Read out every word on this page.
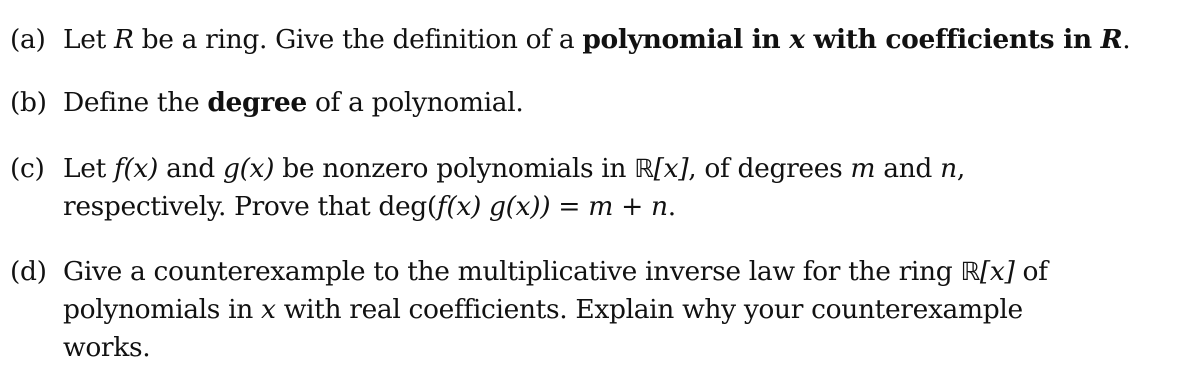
(a) Let R be a ring. Give the definition of a polynomial in x with coefficients in R.
(b) Define the degree of a polynomial.
(c) Let f(x) and g(x) be nonzero polynomials in ℝ[x], of degrees m and n,
respectively. Prove that deg(f(x) g(x)) = m + n.
(d) Give a counterexample to the multiplicative inverse law for the ring ℝ[x] of
polynomials in x with real coefficients. Explain why your counterexample
works.
